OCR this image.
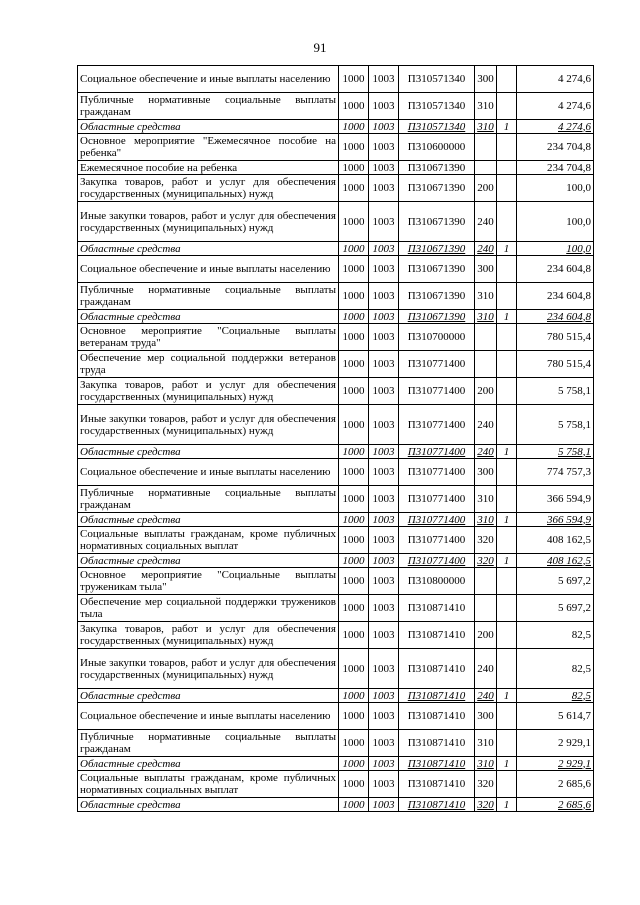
91
Социальное обеспечение и иные выплаты населению	1000	1003	П310571340	300		4 274,6
Публичные нормативные социальные выплаты гражданам	1000	1003	П310571340	310		4 274,6
Областные средства	1000	1003	П310571340	310	1	4 274,6
Основное мероприятие "Ежемесячное пособие на ребенка"	1000	1003	П310600000			234 704,8
Ежемесячное пособие на ребенка	1000	1003	П310671390			234 704,8
Закупка товаров, работ и услуг для обеспечения государственных (муниципальных) нужд	1000	1003	П310671390	200		100,0
Иные закупки товаров, работ и услуг для обеспечения государственных (муниципальных) нужд	1000	1003	П310671390	240		100,0
Областные средства	1000	1003	П310671390	240	1	100,0
Социальное обеспечение и иные выплаты населению	1000	1003	П310671390	300		234 604,8
Публичные нормативные социальные выплаты гражданам	1000	1003	П310671390	310		234 604,8
Областные средства	1000	1003	П310671390	310	1	234 604,8
Основное мероприятие "Социальные выплаты ветеранам труда"	1000	1003	П310700000			780 515,4
Обеспечение мер социальной поддержки ветеранов труда	1000	1003	П310771400			780 515,4
Закупка товаров, работ и услуг для обеспечения государственных (муниципальных) нужд	1000	1003	П310771400	200		5 758,1
Иные закупки товаров, работ и услуг для обеспечения государственных (муниципальных) нужд	1000	1003	П310771400	240		5 758,1
Областные средства	1000	1003	П310771400	240	1	5 758,1
Социальное обеспечение и иные выплаты населению	1000	1003	П310771400	300		774 757,3
Публичные нормативные социальные выплаты гражданам	1000	1003	П310771400	310		366 594,9
Областные средства	1000	1003	П310771400	310	1	366 594,9
Социальные выплаты гражданам, кроме публичных нормативных социальных выплат	1000	1003	П310771400	320		408 162,5
Областные средства	1000	1003	П310771400	320	1	408 162,5
Основное мероприятие "Социальные выплаты труженикам тыла"	1000	1003	П310800000			5 697,2
Обеспечение мер социальной поддержки тружеников тыла	1000	1003	П310871410			5 697,2
Закупка товаров, работ и услуг для обеспечения государственных (муниципальных) нужд	1000	1003	П310871410	200		82,5
Иные закупки товаров, работ и услуг для обеспечения государственных (муниципальных) нужд	1000	1003	П310871410	240		82,5
Областные средства	1000	1003	П310871410	240	1	82,5
Социальное обеспечение и иные выплаты населению	1000	1003	П310871410	300		5 614,7
Публичные нормативные социальные выплаты гражданам	1000	1003	П310871410	310		2 929,1
Областные средства	1000	1003	П310871410	310	1	2 929,1
Социальные выплаты гражданам, кроме публичных нормативных социальных выплат	1000	1003	П310871410	320		2 685,6
Областные средства	1000	1003	П310871410	320	1	2 685,6
